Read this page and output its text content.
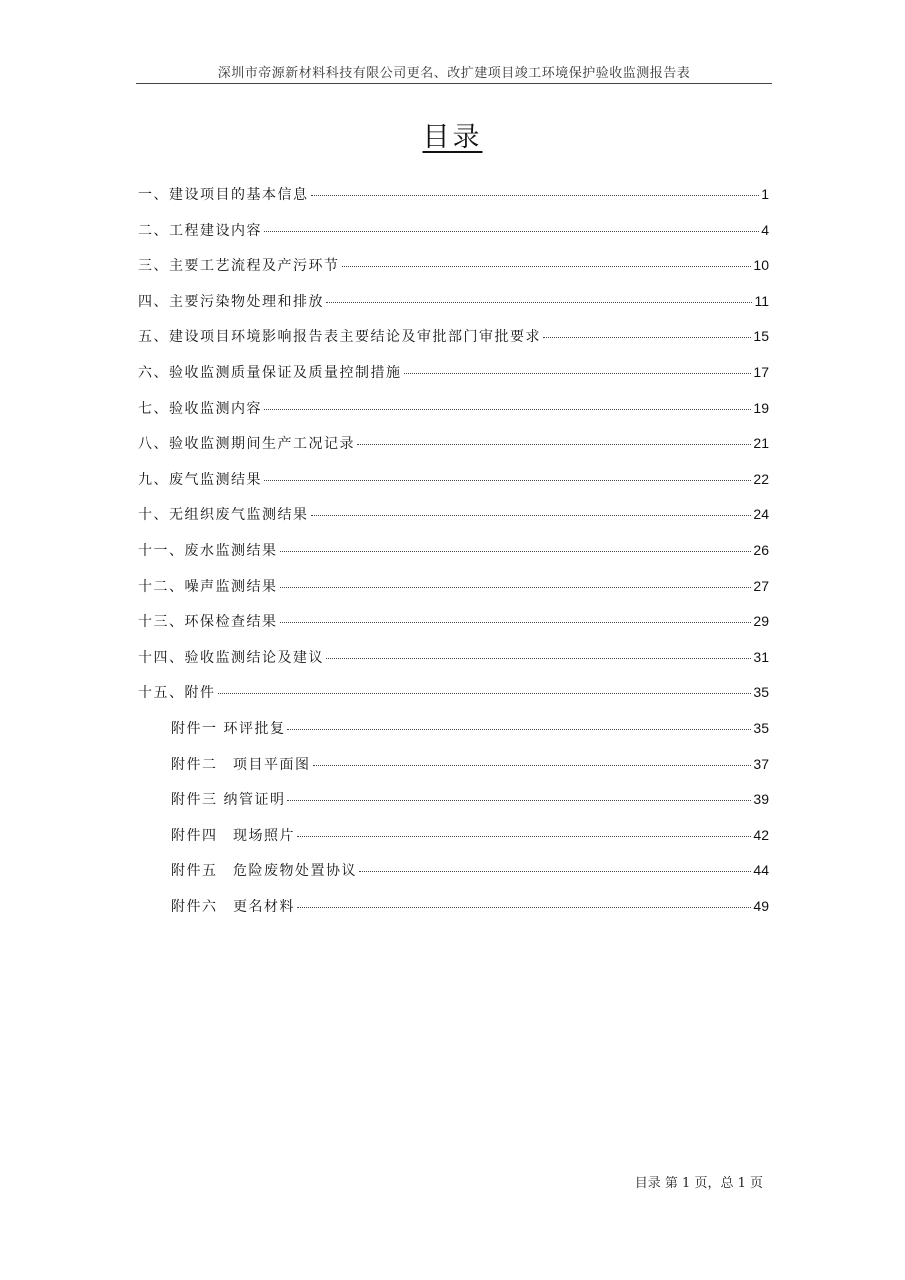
深圳市帝源新材料科技有限公司更名、改扩建项目竣工环境保护验收监测报告表
目录
一、建设项目的基本信息	1
二、工程建设内容	4
三、主要工艺流程及产污环节	10
四、主要污染物处理和排放	11
五、建设项目环境影响报告表主要结论及审批部门审批要求	15
六、验收监测质量保证及质量控制措施	17
七、验收监测内容	19
八、验收监测期间生产工况记录	21
九、废气监测结果	22
十、无组织废气监测结果	24
十一、废水监测结果	26
十二、噪声监测结果	27
十三、环保检查结果	29
十四、验收监测结论及建议	31
十五、附件	35
附件一 环评批复	35
附件二　项目平面图	37
附件三 纳管证明	39
附件四　现场照片	42
附件五　危险废物处置协议	44
附件六　更名材料	49
目录 第 1 页，总 1 页
